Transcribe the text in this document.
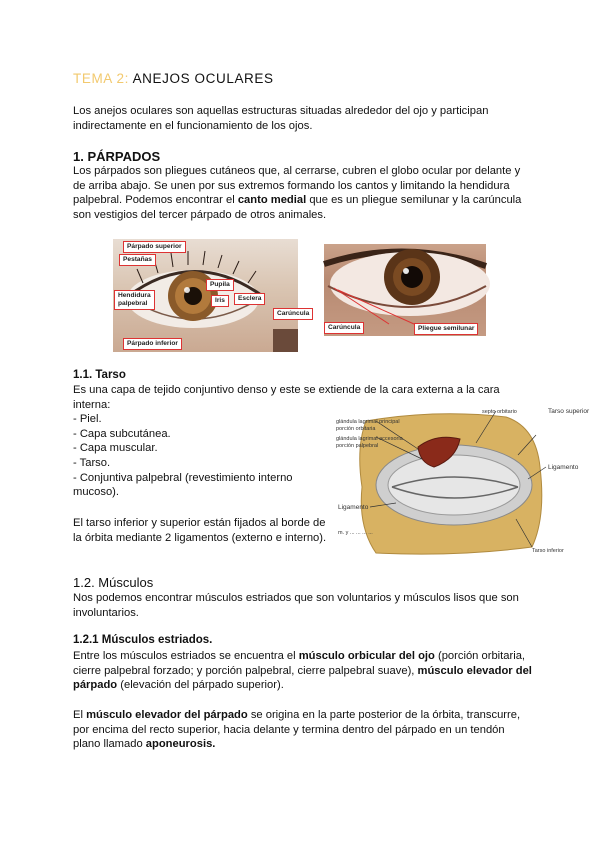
TEMA 2: ANEJOS OCULARES

Los anejos oculares son aquellas estructuras situadas alrededor del ojo y participan

indirectamente en el funcionamiento de los ojos.

1. PÁRPADOS

Los párpados son pliegues cutáneos que, al cerrarse, cubren el globo ocular por delante y

de arriba abajo. Se unen por sus extremos formando los cantos y limitando la hendidura

palpebral. Podemos encontrar el canto medial que es un pliegue semilunar y la carúncula

son vestigios del tercer párpado de otros animales.

Párpado superior
Pestañas
Pupila
Hendidura
palpebral	Iris	Esclera
Carúncula
Párpado inferior
Carúncula	Pliegue semilunar
1.1. Tarso

Es una capa de tejido conjuntivo denso y este se extiende de la cara externa a la cara

interna:

- Piel.

- Capa subcutánea.

- Capa muscular.

- Tarso.

- Conjuntiva palpebral (revestimiento interno

mucoso).

El tarso inferior y superior están fijados al borde de

la órbita mediante 2 ligamentos (externo e interno).

septo orbitario
glándula lagrimal principal
porción orbitaria
glándula lagrimal accesoria
porción palpebral
Tarso superior
Ligamento
Ligamento
m. y ... ... ... ...
Tarso inferior
1.2. Músculos

Nos podemos encontrar músculos estriados que son voluntarios y músculos lisos que son

involuntarios.

1.2.1 Músculos estriados.

Entre los músculos estriados se encuentra el músculo orbicular del ojo (porción orbitaria,

cierre palpebral forzado; y porción palpebral, cierre palpebral suave), músculo elevador del

párpado (elevación del párpado superior).

El músculo elevador del párpado se origina en la parte posterior de la órbita, transcurre,

por encima del recto superior, hacia delante y termina dentro del párpado en un tendón

plano llamado aponeurosis.
